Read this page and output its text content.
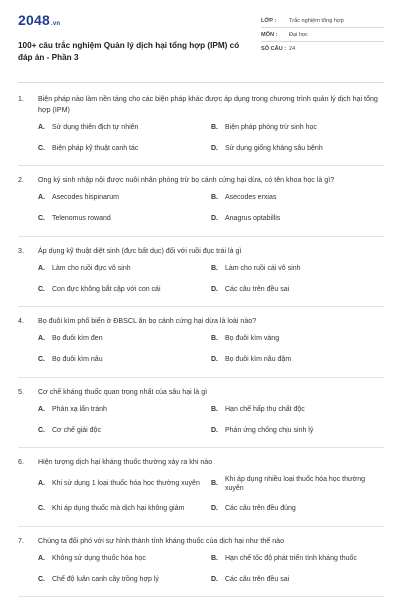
2048.vn
100+ câu trắc nghiệm Quản lý dịch hại tổng hợp (IPM) có đáp án - Phần 3
LỚP :	Trắc nghiệm tổng hợp
MÔN :	Đại học
SỐ CÂU : 24
1.	Biện pháp nào làm nền tảng cho các biện pháp khác được áp dụng trong chương trình quản lý dịch hại tổng hợp (IPM)
A.	Sử dụng thiên địch tự nhiên	B.	Biện pháp phòng trừ sinh học
C.	Biện pháp kỹ thuật canh tác	D.	Sử dụng giống kháng sâu bệnh
2.	Ong ký sinh nhập nội được nuôi nhân phòng trừ bọ cánh cứng hại dừa, có tên khoa học là gì?
A.	Asecodes hispinarum	B.	Asecodes erxias
C.	Telenomus rowand	D.	Anagrus optabillis
3.	Áp dụng kỹ thuật diệt sinh (đực bất dục) đối với ruồi đục trái là gì
A.	Làm cho ruồi đực vô sinh	B.	Làm cho ruồi cái vô sinh
C.	Con đực không bắt cặp với con cái	D.	Các câu trên đều sai
4.	Bọ đuôi kìm phổ biến ở ĐBSCL ăn bọ cánh cứng hại dừa là loài nào?
A.	Bọ đuôi kìm đen	B.	Bọ đuôi kìm vàng
C.	Bọ đuôi kìm nâu	D.	Bọ đuôi kìm nâu đậm
5.	Cơ chế kháng thuốc quan trọng nhất của sâu hại là gì
A.	Phản xạ lẩn tránh	B.	Hạn chế hấp thụ chất độc
C.	Cơ chế giải độc	D.	Phản ứng chống chịu sinh lý
6.	Hiện tượng dịch hại kháng thuốc thường xảy ra khi nào
A.	Khi sử dụng 1 loại thuốc hóa học thường xuyên B.
Khi áp dụng nhiều loại thuốc hóa học thường xuyên
C.	Khi áp dụng thuốc mà dịch hại không giảm	D.	Các câu trên đều đúng
7.	Chúng ta đối phó với sự hình thành tính kháng thuốc của dịch hại như thế nào
A.	Không sử dụng thuốc hóa học	B.	Hạn chế tốc độ phát triển tính kháng thuốc
C.	Chế độ luân canh cây trồng hợp lý	D.	Các câu trên đều sai
